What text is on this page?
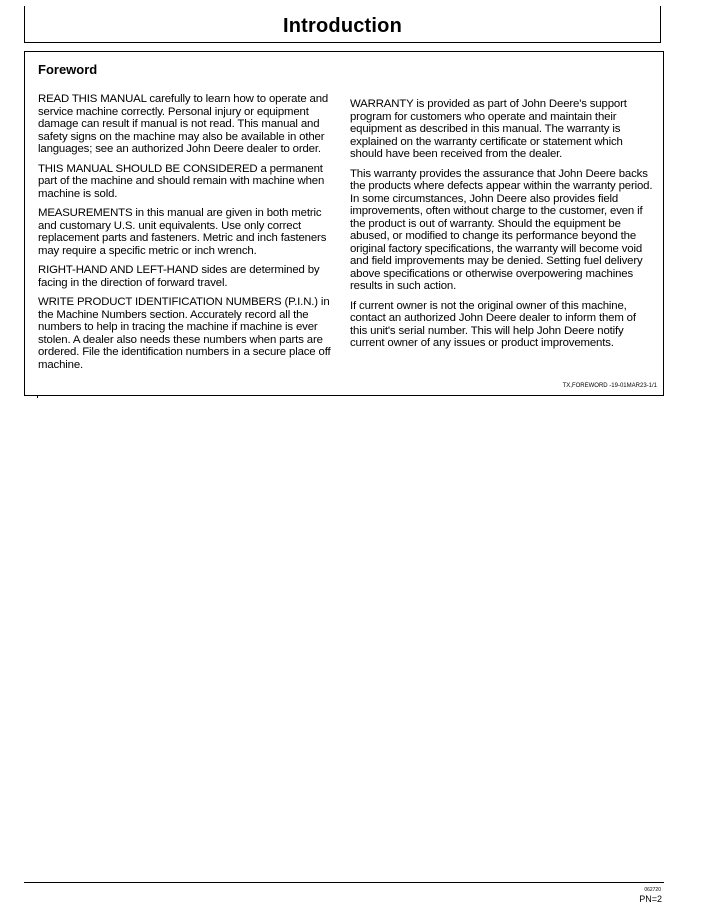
Introduction
Foreword

READ THIS MANUAL carefully to learn how to operate and service machine correctly. Personal injury or equipment damage can result if manual is not read. This manual and safety signs on the machine may also be available in other languages; see an authorized John Deere dealer to order.

THIS MANUAL SHOULD BE CONSIDERED a permanent part of the machine and should remain with machine when machine is sold.

MEASUREMENTS in this manual are given in both metric and customary U.S. unit equivalents. Use only correct replacement parts and fasteners. Metric and inch fasteners may require a specific metric or inch wrench.

RIGHT-HAND AND LEFT-HAND sides are determined by facing in the direction of forward travel.

WRITE PRODUCT IDENTIFICATION NUMBERS (P.I.N.) in the Machine Numbers section. Accurately record all the numbers to help in tracing the machine if machine is ever stolen. A dealer also needs these numbers when parts are ordered. File the identification numbers in a secure place off machine.

WARRANTY is provided as part of John Deere's support program for customers who operate and maintain their equipment as described in this manual. The warranty is explained on the warranty certificate or statement which should have been received from the dealer.

This warranty provides the assurance that John Deere backs the products where defects appear within the warranty period. In some circumstances, John Deere also provides field improvements, often without charge to the customer, even if the product is out of warranty. Should the equipment be abused, or modified to change its performance beyond the original factory specifications, the warranty will become void and field improvements may be denied. Setting fuel delivery above specifications or otherwise overpowering machines results in such action.

If current owner is not the original owner of this machine, contact an authorized John Deere dealer to inform them of this unit's serial number. This will help John Deere notify current owner of any issues or product improvements.

TX,FOREWORD -19-01MAR23-1/1
062720
PN=2
